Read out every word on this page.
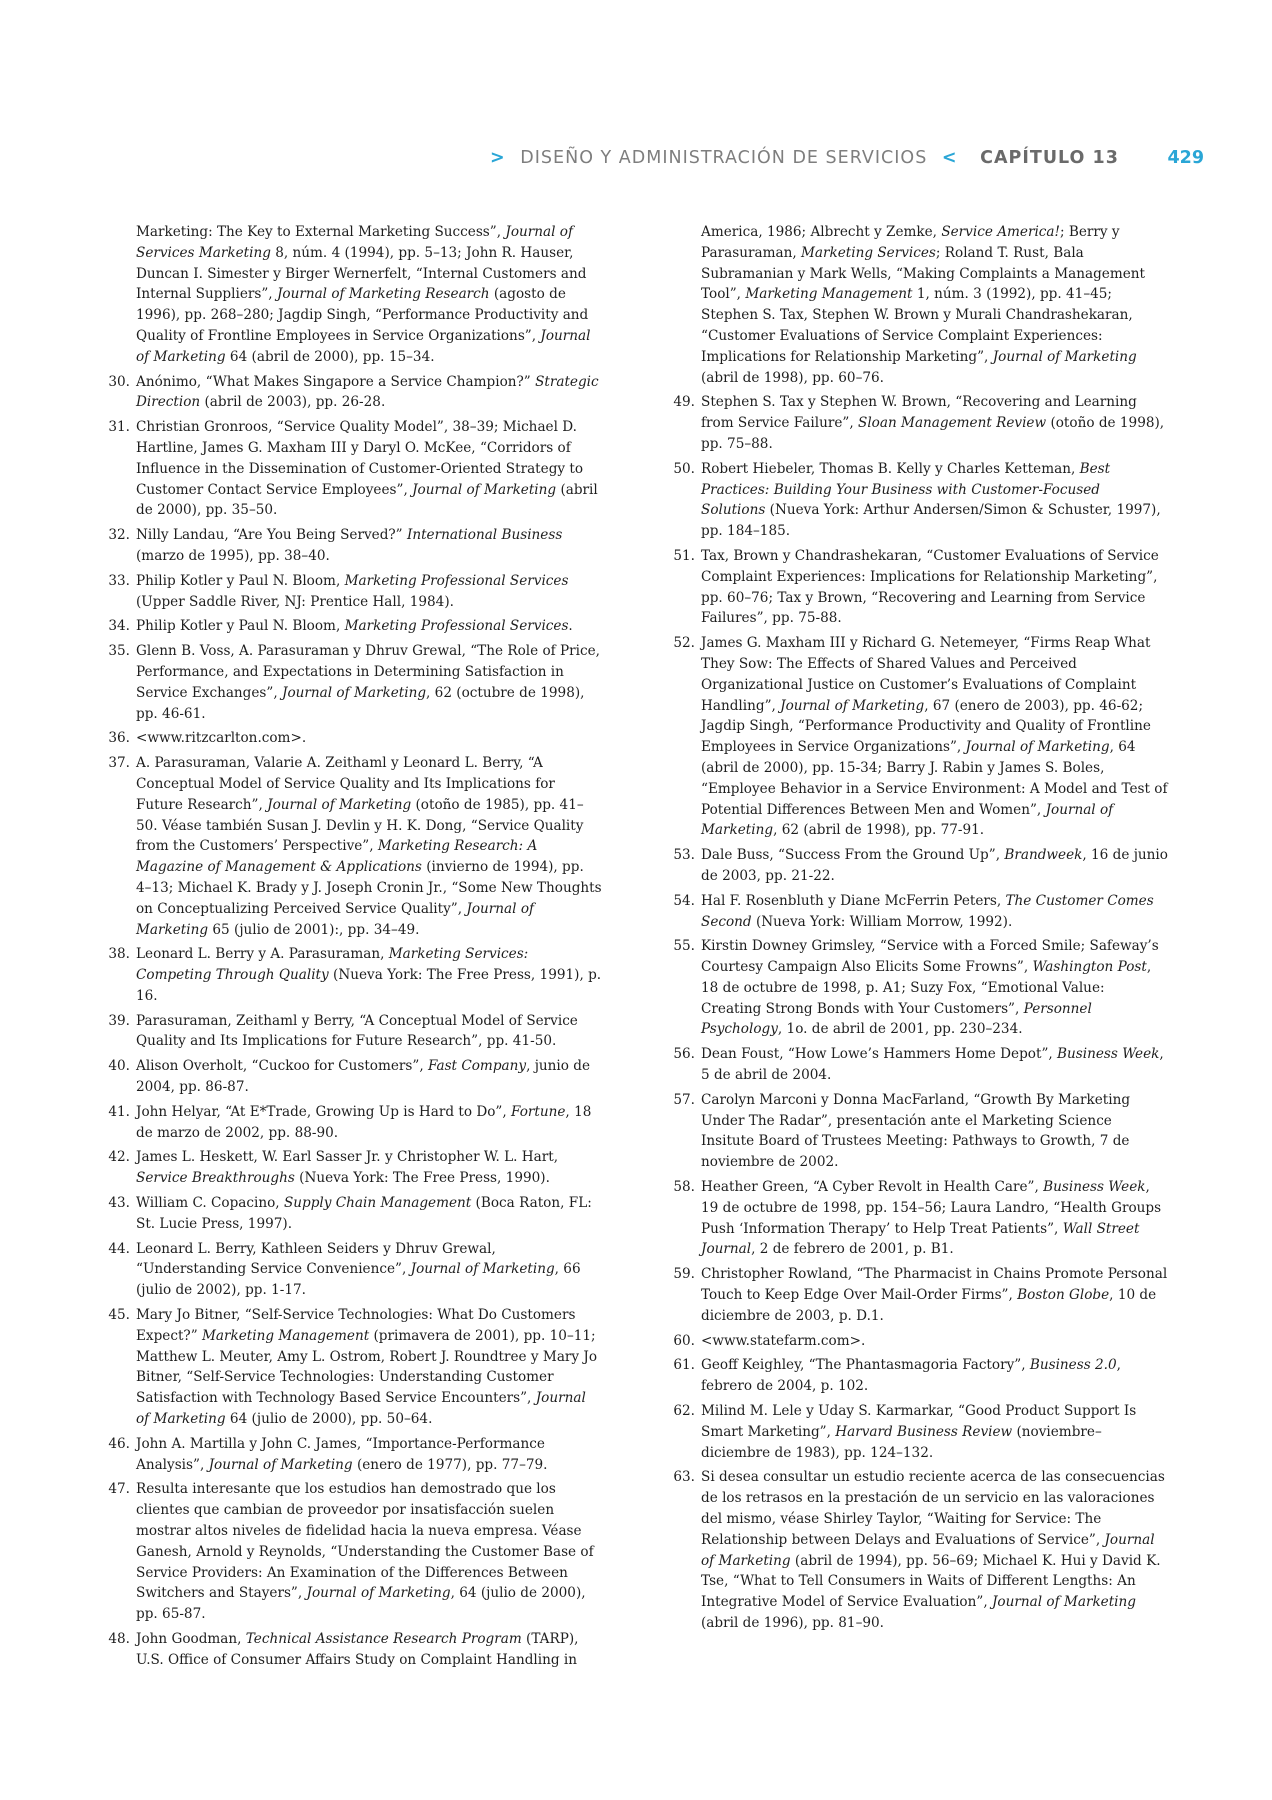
> DISEÑO Y ADMINISTRACIÓN DE SERVICIOS < CAPÍTULO 13	429
Marketing: The Key to External Marketing Success”, Journal of Services Marketing 8, núm. 4 (1994), pp. 5–13; John R. Hauser, Duncan I. Simester y Birger Wernerfelt, “Internal Customers and Internal Suppliers”, Journal of Marketing Research (agosto de 1996), pp. 268–280; Jagdip Singh, “Performance Productivity and Quality of Frontline Employees in Service Organizations”, Journal of Marketing 64 (abril de 2000), pp. 15–34.
30. Anónimo, “What Makes Singapore a Service Champion?” Strategic Direction (abril de 2003), pp. 26-28.
31. Christian Gronroos, “Service Quality Model”, 38–39; Michael D. Hartline, James G. Maxham III y Daryl O. McKee, “Corridors of Influence in the Dissemination of Customer-Oriented Strategy to Customer Contact Service Employees”, Journal of Marketing (abril de 2000), pp. 35–50.
32. Nilly Landau, “Are You Being Served?” International Business (marzo de 1995), pp. 38–40.
33. Philip Kotler y Paul N. Bloom, Marketing Professional Services (Upper Saddle River, NJ: Prentice Hall, 1984).
34. Philip Kotler y Paul N. Bloom, Marketing Professional Services.
35. Glenn B. Voss, A. Parasuraman y Dhruv Grewal, “The Role of Price, Performance, and Expectations in Determining Satisfaction in Service Exchanges”, Journal of Marketing, 62 (octubre de 1998), pp. 46-61.
36. <www.ritzcarlton.com>.
37. A. Parasuraman, Valarie A. Zeithaml y Leonard L. Berry, “A Conceptual Model of Service Quality and Its Implications for Future Research”, Journal of Marketing (otoño de 1985), pp. 41–50. Véase también Susan J. Devlin y H. K. Dong, “Service Quality from the Customers’ Perspective”, Marketing Research: A Magazine of Management & Applications (invierno de 1994), pp. 4–13; Michael K. Brady y J. Joseph Cronin Jr., “Some New Thoughts on Conceptualizing Perceived Service Quality”, Journal of Marketing 65 (julio de 2001):, pp. 34–49.
38. Leonard L. Berry y A. Parasuraman, Marketing Services: Competing Through Quality (Nueva York: The Free Press, 1991), p. 16.
39. Parasuraman, Zeithaml y Berry, “A Conceptual Model of Service Quality and Its Implications for Future Research”, pp. 41-50.
40. Alison Overholt, “Cuckoo for Customers”, Fast Company, junio de 2004, pp. 86-87.
41. John Helyar, “At E*Trade, Growing Up is Hard to Do”, Fortune, 18 de marzo de 2002, pp. 88-90.
42. James L. Heskett, W. Earl Sasser Jr. y Christopher W. L. Hart, Service Breakthroughs (Nueva York: The Free Press, 1990).
43. William C. Copacino, Supply Chain Management (Boca Raton, FL: St. Lucie Press, 1997).
44. Leonard L. Berry, Kathleen Seiders y Dhruv Grewal, “Understanding Service Convenience”, Journal of Marketing, 66 (julio de 2002), pp. 1-17.
45. Mary Jo Bitner, “Self-Service Technologies: What Do Customers Expect?” Marketing Management (primavera de 2001), pp. 10–11; Matthew L. Meuter, Amy L. Ostrom, Robert J. Roundtree y Mary Jo Bitner, “Self-Service Technologies: Understanding Customer Satisfaction with Technology Based Service Encounters”, Journal of Marketing 64 (julio de 2000), pp. 50–64.
46. John A. Martilla y John C. James, “Importance-Performance Analysis”, Journal of Marketing (enero de 1977), pp. 77–79.
47. Resulta interesante que los estudios han demostrado que los clientes que cambian de proveedor por insatisfacción suelen mostrar altos niveles de fidelidad hacia la nueva empresa. Véase Ganesh, Arnold y Reynolds, “Understanding the Customer Base of Service Providers: An Examination of the Differences Between Switchers and Stayers”, Journal of Marketing, 64 (julio de 2000), pp. 65-87.
48. John Goodman, Technical Assistance Research Program (TARP), U.S. Office of Consumer Affairs Study on Complaint Handling in
America, 1986; Albrecht y Zemke, Service America!; Berry y Parasuraman, Marketing Services; Roland T. Rust, Bala Subramanian y Mark Wells, “Making Complaints a Management Tool”, Marketing Management 1, núm. 3 (1992), pp. 41–45; Stephen S. Tax, Stephen W. Brown y Murali Chandrashekaran, “Customer Evaluations of Service Complaint Experiences: Implications for Relationship Marketing”, Journal of Marketing (abril de 1998), pp. 60–76.
49. Stephen S. Tax y Stephen W. Brown, “Recovering and Learning from Service Failure”, Sloan Management Review (otoño de 1998), pp. 75–88.
50. Robert Hiebeler, Thomas B. Kelly y Charles Ketteman, Best Practices: Building Your Business with Customer-Focused Solutions (Nueva York: Arthur Andersen/Simon & Schuster, 1997), pp. 184–185.
51. Tax, Brown y Chandrashekaran, “Customer Evaluations of Service Complaint Experiences: Implications for Relationship Marketing”, pp. 60–76; Tax y Brown, “Recovering and Learning from Service Failures”, pp. 75-88.
52. James G. Maxham III y Richard G. Netemeyer, “Firms Reap What They Sow: The Effects of Shared Values and Perceived Organizational Justice on Customer’s Evaluations of Complaint Handling”, Journal of Marketing, 67 (enero de 2003), pp. 46-62; Jagdip Singh, “Performance Productivity and Quality of Frontline Employees in Service Organizations”, Journal of Marketing, 64 (abril de 2000), pp. 15-34; Barry J. Rabin y James S. Boles, “Employee Behavior in a Service Environment: A Model and Test of Potential Differences Between Men and Women”, Journal of Marketing, 62 (abril de 1998), pp. 77-91.
53. Dale Buss, “Success From the Ground Up”, Brandweek, 16 de junio de 2003, pp. 21-22.
54. Hal F. Rosenbluth y Diane McFerrin Peters, The Customer Comes Second (Nueva York: William Morrow, 1992).
55. Kirstin Downey Grimsley, “Service with a Forced Smile; Safeway’s Courtesy Campaign Also Elicits Some Frowns”, Washington Post, 18 de octubre de 1998, p. A1; Suzy Fox, “Emotional Value: Creating Strong Bonds with Your Customers”, Personnel Psychology, 1o. de abril de 2001, pp. 230–234.
56. Dean Foust, “How Lowe’s Hammers Home Depot”, Business Week, 5 de abril de 2004.
57. Carolyn Marconi y Donna MacFarland, “Growth By Marketing Under The Radar”, presentación ante el Marketing Science Insitute Board of Trustees Meeting: Pathways to Growth, 7 de noviembre de 2002.
58. Heather Green, “A Cyber Revolt in Health Care”, Business Week, 19 de octubre de 1998, pp. 154–56; Laura Landro, “Health Groups Push ‘Information Therapy’ to Help Treat Patients”, Wall Street Journal, 2 de febrero de 2001, p. B1.
59. Christopher Rowland, “The Pharmacist in Chains Promote Personal Touch to Keep Edge Over Mail-Order Firms”, Boston Globe, 10 de diciembre de 2003, p. D.1.
60. <www.statefarm.com>.
61. Geoff Keighley, “The Phantasmagoria Factory”, Business 2.0, febrero de 2004, p. 102.
62. Milind M. Lele y Uday S. Karmarkar, “Good Product Support Is Smart Marketing”, Harvard Business Review (noviembre–diciembre de 1983), pp. 124–132.
63. Si desea consultar un estudio reciente acerca de las consecuencias de los retrasos en la prestación de un servicio en las valoraciones del mismo, véase Shirley Taylor, “Waiting for Service: The Relationship between Delays and Evaluations of Service”, Journal of Marketing (abril de 1994), pp. 56–69; Michael K. Hui y David K. Tse, “What to Tell Consumers in Waits of Different Lengths: An Integrative Model of Service Evaluation”, Journal of Marketing (abril de 1996), pp. 81–90.
